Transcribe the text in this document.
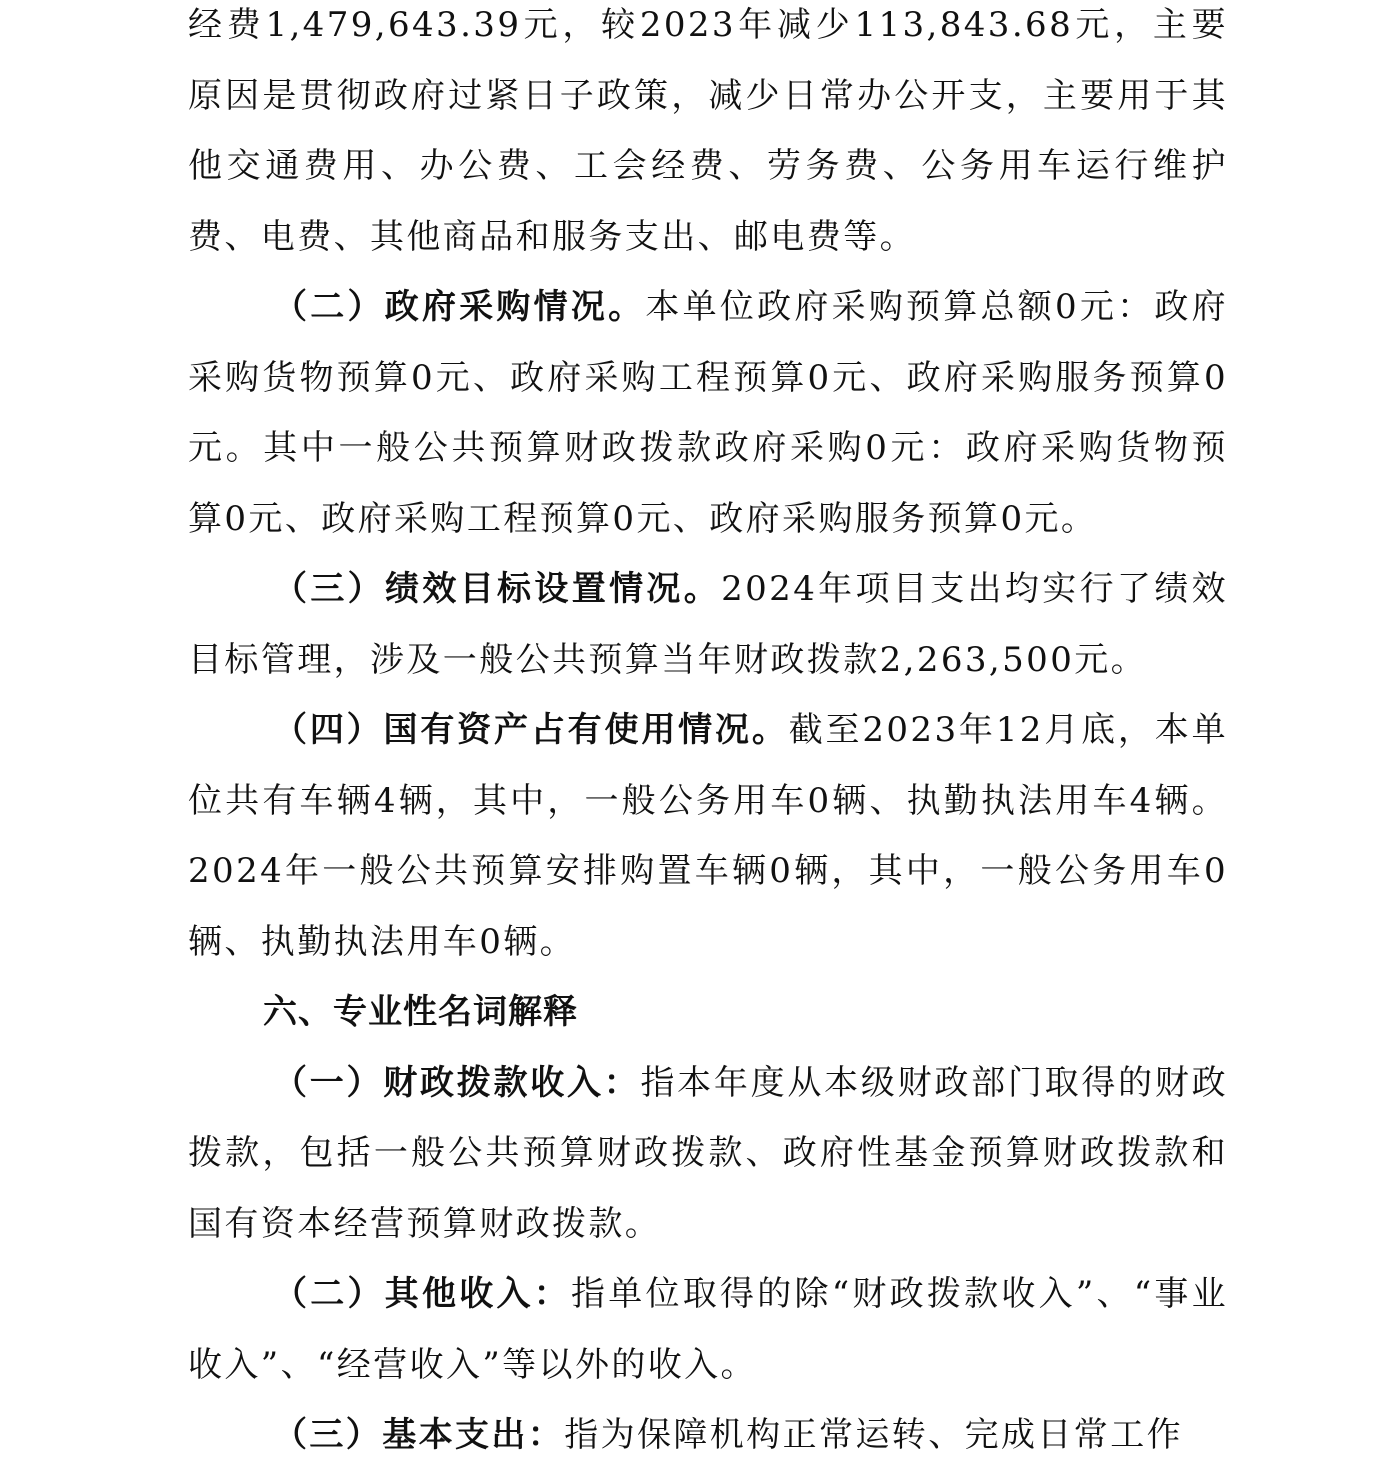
经费1,479,643.39元，较2023年减少113,843.68元，主要原因是贯彻政府过紧日子政策，减少日常办公开支，主要用于其他交通费用、办公费、工会经费、劳务费、公务用车运行维护费、电费、其他商品和服务支出、邮电费等。

（二）政府采购情况。本单位政府采购预算总额0元：政府采购货物预算0元、政府采购工程预算0元、政府采购服务预算0元。其中一般公共预算财政拨款政府采购0元：政府采购货物预算0元、政府采购工程预算0元、政府采购服务预算0元。

（三）绩效目标设置情况。2024年项目支出均实行了绩效目标管理，涉及一般公共预算当年财政拨款2,263,500元。

（四）国有资产占有使用情况。截至2023年12月底，本单位共有车辆4辆，其中，一般公务用车0辆、执勤执法用车4辆。2024年一般公共预算安排购置车辆0辆，其中，一般公务用车0辆、执勤执法用车0辆。

六、专业性名词解释

（一）财政拨款收入：指本年度从本级财政部门取得的财政拨款，包括一般公共预算财政拨款、政府性基金预算财政拨款和国有资本经营预算财政拨款。

（二）其他收入：指单位取得的除“财政拨款收入”、“事业收入”、“经营收入”等以外的收入。

（三）基本支出：指为保障机构正常运转、完成日常工作
